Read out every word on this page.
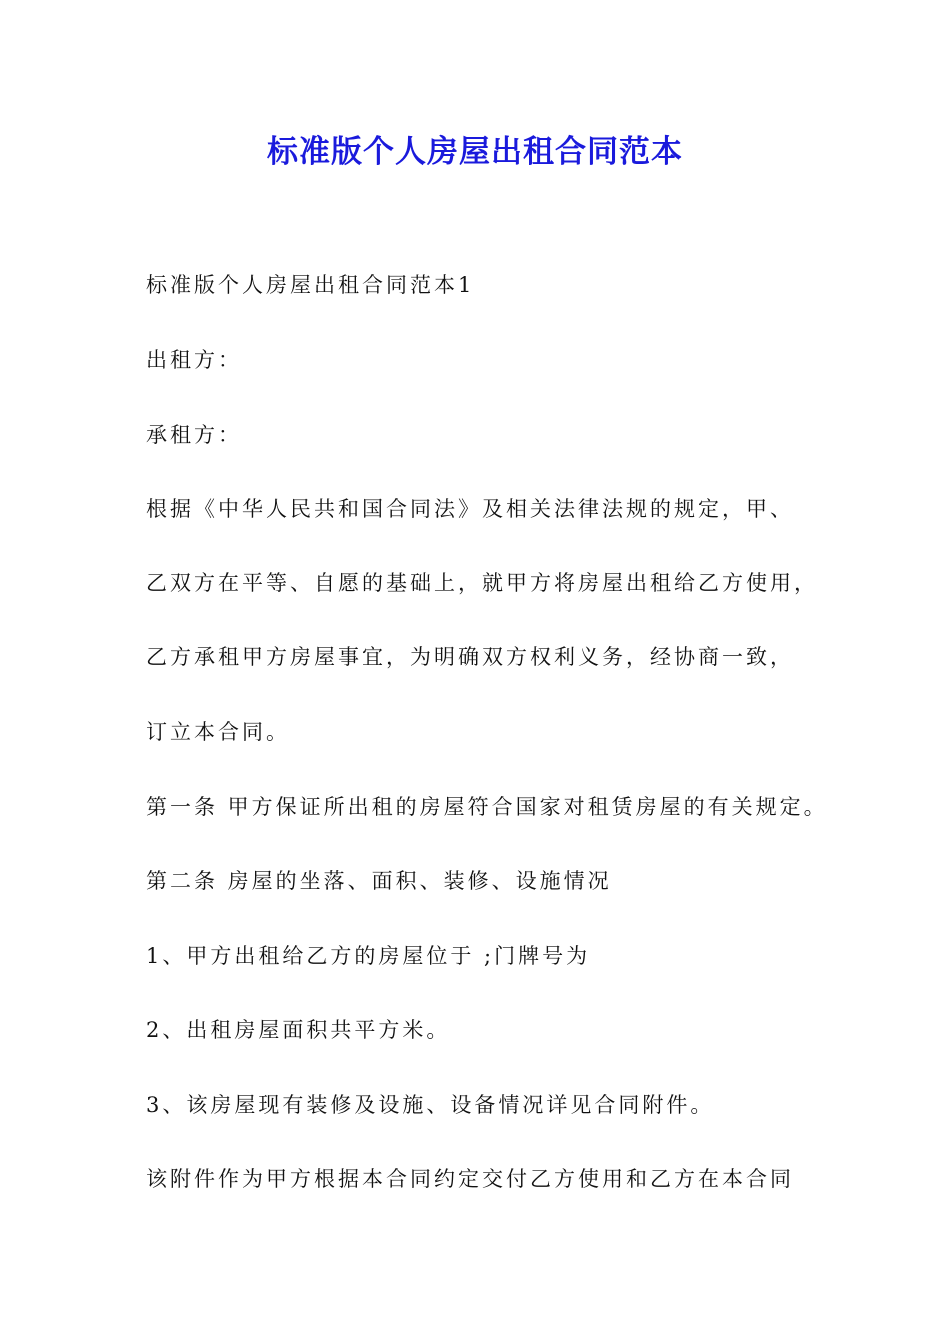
标准版个人房屋出租合同范本
标准版个人房屋出租合同范本1
出租方：
承租方：
根据《中华人民共和国合同法》及相关法律法规的规定，甲、
乙双方在平等、自愿的基础上，就甲方将房屋出租给乙方使用，
乙方承租甲方房屋事宜，为明确双方权利义务，经协商一致，
订立本合同。
第一条 甲方保证所出租的房屋符合国家对租赁房屋的有关规定。
第二条 房屋的坐落、面积、装修、设施情况
1、甲方出租给乙方的房屋位于 ;门牌号为
2、出租房屋面积共平方米。
3、该房屋现有装修及设施、设备情况详见合同附件。
该附件作为甲方根据本合同约定交付乙方使用和乙方在本合同
